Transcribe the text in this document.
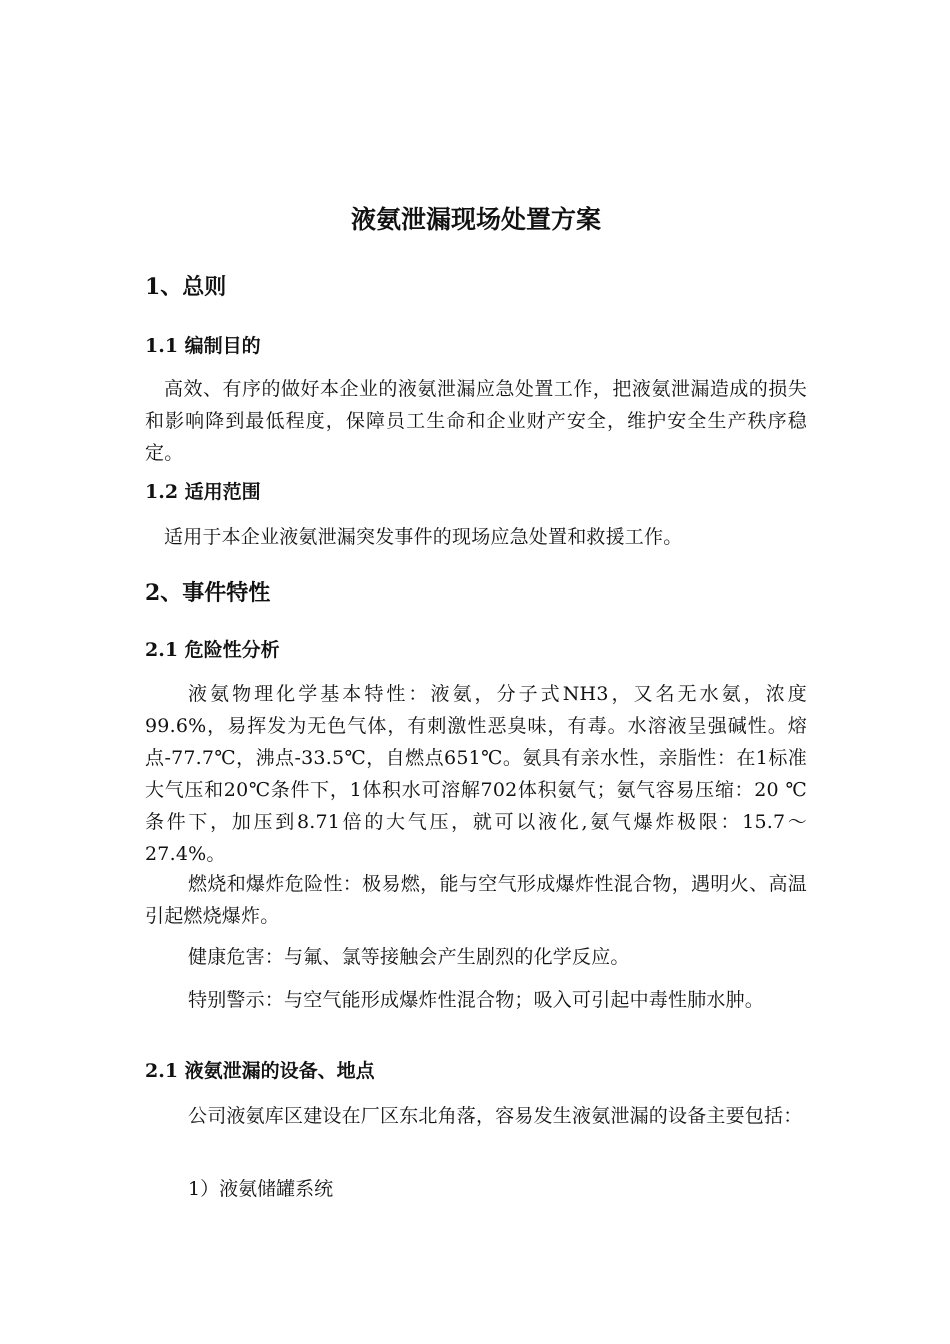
液氨泄漏现场处置方案
1、总则
1.1 编制目的

高效、有序的做好本企业的液氨泄漏应急处置工作，把液氨泄漏造成的损失和影响降到最低程度，保障员工生命和企业财产安全，维护安全生产秩序稳定。

1.2 适用范围

适用于本企业液氨泄漏突发事件的现场应急处置和救援工作。

2、事件特性
2.1 危险性分析

液氨物理化学基本特性：液氨，分子式NH3，又名无水氨，浓度99.6%，易挥发为无色气体，有刺激性恶臭味，有毒。水溶液呈强碱性。熔点-77.7℃，沸点-33.5℃，自燃点651℃。氨具有亲水性，亲脂性：在1标准大气压和20℃条件下，1体积水可溶解702体积氨气；氨气容易压缩：20 ℃条件下，加压到8.71倍的大气压，就可以液化,氨气爆炸极限：15.7～27.4%。

燃烧和爆炸危险性：极易燃，能与空气形成爆炸性混合物，遇明火、高温引起燃烧爆炸。

健康危害：与氟、氯等接触会产生剧烈的化学反应。

特别警示：与空气能形成爆炸性混合物；吸入可引起中毒性肺水肿。

2.1 液氨泄漏的设备、地点

公司液氨库区建设在厂区东北角落，容易发生液氨泄漏的设备主要包括：

1）液氨储罐系统
